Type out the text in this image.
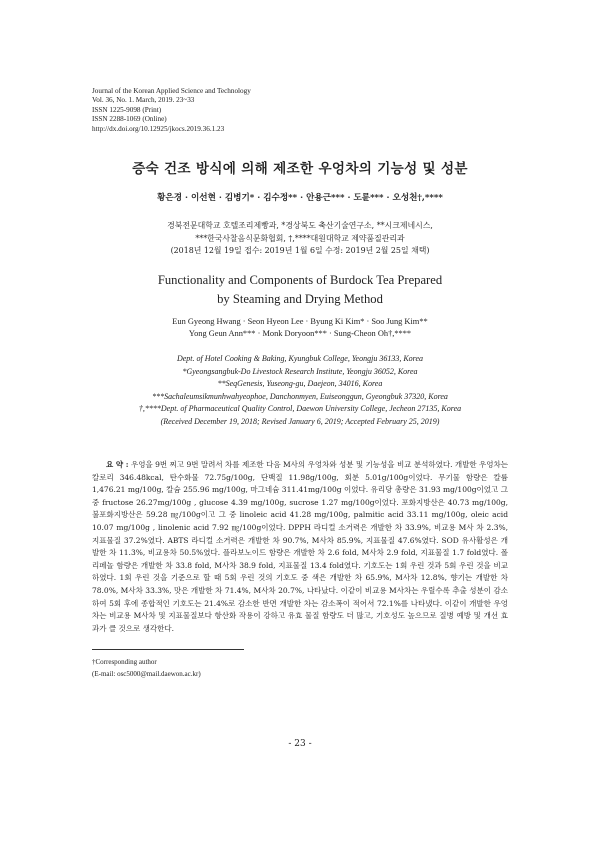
Journal of the Korean Applied Science and Technology
Vol. 36, No. 1. March, 2019. 23~33
ISSN 1225-9098 (Print)
ISSN 2288-1069 (Online)
http://dx.doi.org/10.12925/jkocs.2019.36.1.23
증숙 건조 방식에 의해 제조한 우엉차의 기능성 및 성분
황은경 · 이선현 · 김병기* · 김수정** · 안용근*** · 도륜*** · 오성천†,****
경북전문대학교 호텔조리제빵과, *경상북도 축산기술연구소, **시크제네시스,
***한국사찰음식문화협회, †,****대원대학교 제약품질관리과
(2018년 12월 19일 접수: 2019년 1월 6일 수정: 2019년 2월 25일 채택)
Functionality and Components of Burdock Tea Prepared
by Steaming and Drying Method
Eun Gyeong Hwang · Seon Hyeon Lee · Byung Ki Kim* · Soo Jung Kim**
Yong Geun Ann*** · Monk Doryoon*** · Sung-Cheon Oh†,****
Dept. of Hotel Cooking & Baking, Kyungbuk College, Yeongju 36133, Korea
*Gyeongsangbuk-Do Livestock Research Institute, Yeongju 36052, Korea
**SeqGenesis, Yuseong-gu, Daejeon, 34016, Korea
***Sachaleumsikmunhwahyeophoe, Danchonmyen, Euiseonggun, Gyeongbuk 37320, Korea
†,****Dept. of Pharmaceutical Quality Control, Daewon University College, Jecheon 27135, Korea
(Received December 19, 2018; Revised January 6, 2019; Accepted February 25, 2019)

요 약 : 우엉을 9번 찌고 9번 말려서 차를 제조한 다음 M사의 우엉차와 성분 및 기능성을 비교 분석하였다. 개발한 우엉차는 칼로리 346.48kcal, 탄수화물 72.75g/100g, 단백질 11.98g/100g, 회분 5.01g/100g이었다. 무기물 함량은 칼륨 1,476.21 mg/100g, 칼슘 255.96 mg/100g, 마그네슘 311.41mg/100g 이었다. 유리당 총량은 31.93 mg/100g이었고 그중 fructose 26.27mg/100g , glucose 4.39 mg/100g, sucrose 1.27 mg/100g이었다. 포화지방산은 40.73 mg/100g, 불포화지방산은 59.28 ㎎/100g이고 그 중 linoleic acid 41.28 mg/100g, palmitic acid 33.11 mg/100g, oleic acid 10.07 mg/100g , linolenic acid 7.92 ㎎/100g이었다. DPPH 라디컬 소거력은 개발한 차 33.9%, 비교용 M사 차 2.3%, 지표물질 37.2%였다. ABTS 라디컬 소거력은 개발한 차 90.7%, M사차 85.9%, 지표물질 47.6%였다. SOD 유사활성은 개발한 차 11.3%, 비교용차 50.5%였다. 플라보노이드 함량은 개발한 차 2.6 fold, M사차 2.9 fold, 지표물질 1.7 fold였다. 폴리페놀 함량은 개발한 차 33.8 fold, M사차 38.9 fold, 지표물질 13.4 fold였다. 기호도는 1회 우린 것과 5회 우린 것을 비교하였다. 1회 우린 것을 기준으로 할 때 5회 우린 것의 기호도 중 색은 개발한 차 65.9%, M사차 12.8%, 향기는 개발한 차 78.0%, M사차 33.3%, 맛은 개발한 차 71.4%, M사차 20.7%, 나타났다. 이같이 비교용 M사차는 우릴수록 추출 성분이 감소하여 5회 후에 종합적인 기호도는 21.4%로 감소한 반면 개발한 차는 감소폭이 적어서 72.1%를 나타냈다. 이같이 개발한 우엉차는 비교용 M사차 및 지표물질보다 항산화 작용이 강하고 유효 물질 함량도 더 많고, 기호성도 높으므로 질병 예방 및 개선 효과가 클 것으로 생각한다.

†Corresponding author
(E-mail: osc5000@mail.daewon.ac.kr)
- 23 -
